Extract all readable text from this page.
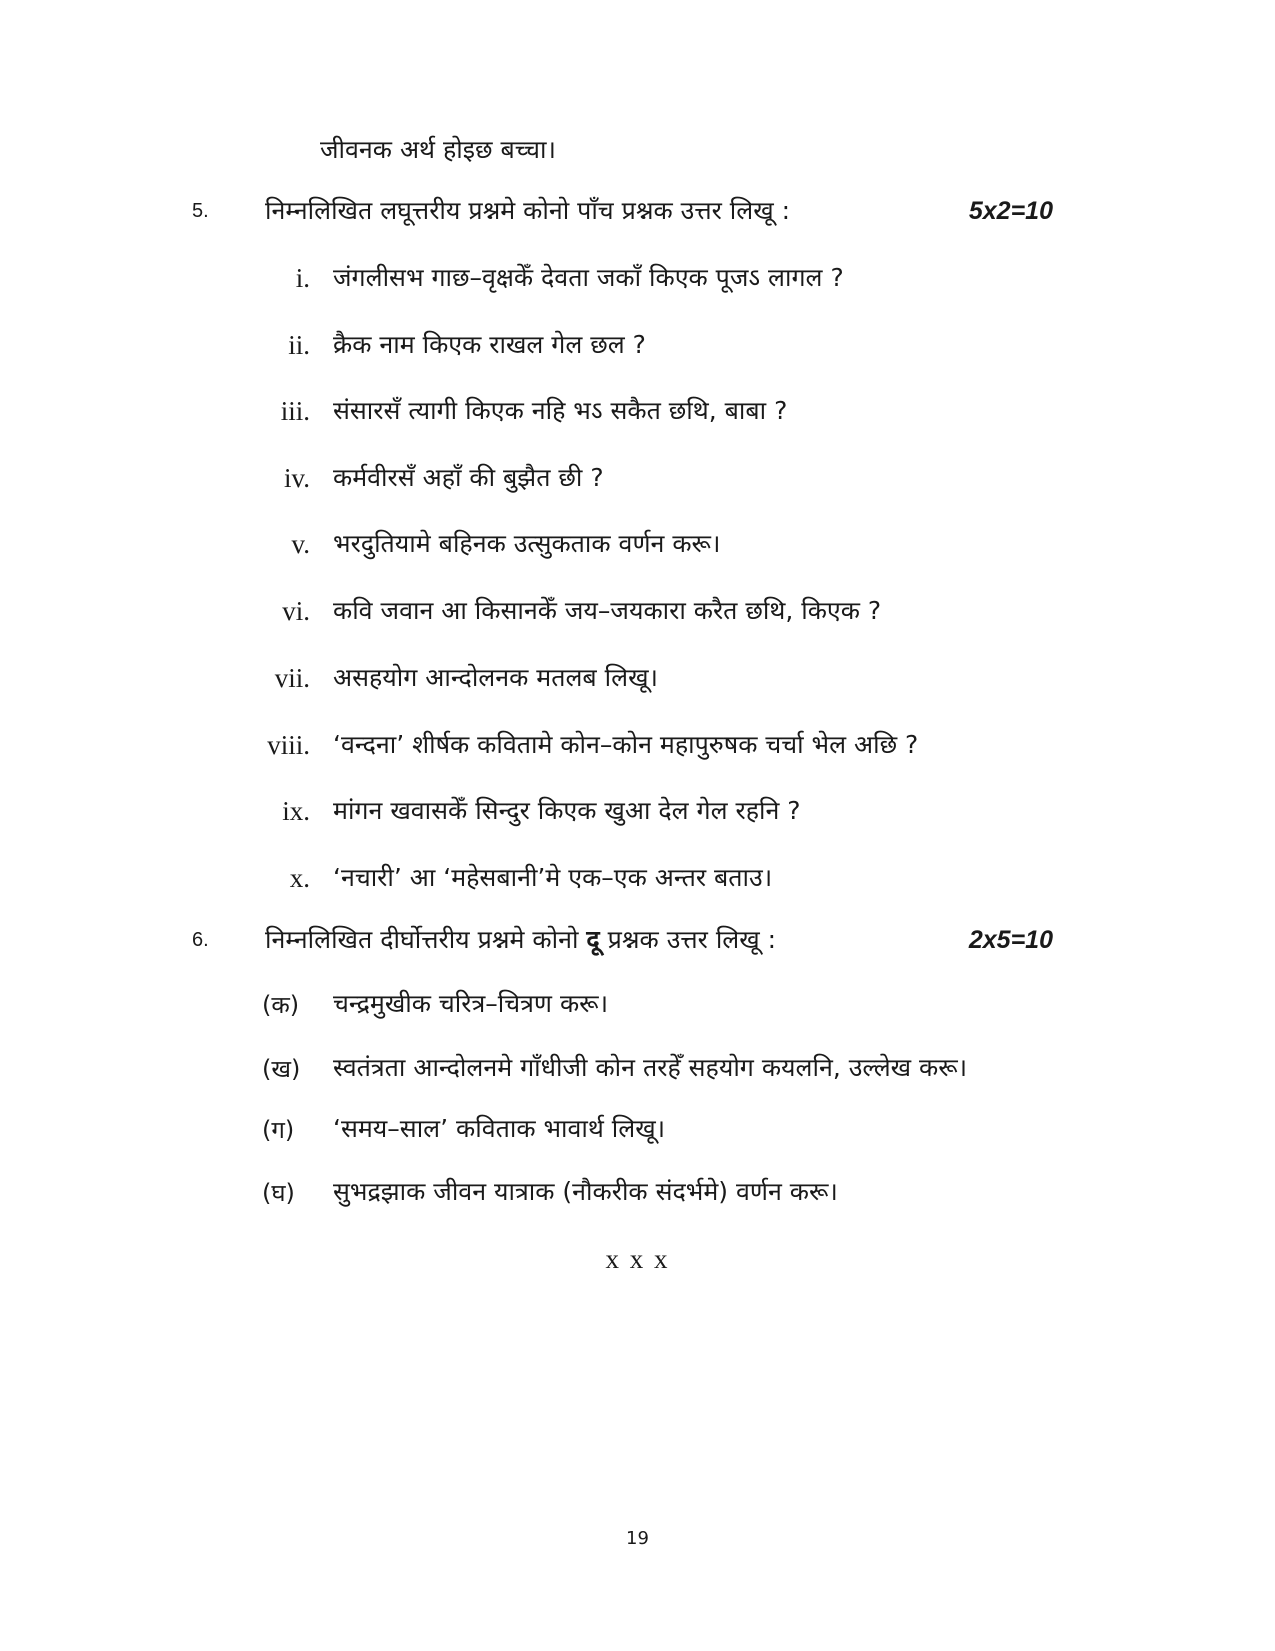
जीवनक अर्थ होइछ बच्चा।
5. निम्नलिखित लघूत्तरीय प्रश्नमे कोनो पाँच प्रश्नक उत्तर लिखू :	5x2=10
i. जंगलीसभ गाछ–वृक्षकेँ देवता जकाँ किएक पूजऽ लागल ?
ii. क्रैक नाम किएक राखल गेल छल ?
iii. संसारसँ त्यागी किएक नहि भऽ सकैत छथि, बाबा ?
iv. कर्मवीरसँ अहाँ की बुझैत छी ?
v. भरदुतियामे बहिनक उत्सुकताक वर्णन करू।
vi. कवि जवान आ किसानकेँ जय–जयकारा करैत छथि, किएक ?
vii. असहयोग आन्दोलनक मतलब लिखू।
viii. ‘वन्दना’ शीर्षक कवितामे कोन–कोन महापुरुषक चर्चा भेल अछि ?
ix. मांगन खवासकेँ सिन्दुर किएक खुआ देल गेल रहनि ?
x. ‘नचारी’ आ ‘महेसबानी’मे एक–एक अन्तर बताउ।
6. निम्नलिखित दीर्घोत्तरीय प्रश्नमे कोनो दू प्रश्नक उत्तर लिखू :	2x5=10
(क) चन्द्रमुखीक चरित्र–चित्रण करू।
(ख) स्वतंत्रता आन्दोलनमे गाँधीजी कोन तरहेँ सहयोग कयलनि, उल्लेख करू।
(ग) ‘समय–साल’ कविताक भावार्थ लिखू।
(घ) सुभद्रझाक जीवन यात्राक (नौकरीक संदर्भमे) वर्णन करू।
x x x
19
